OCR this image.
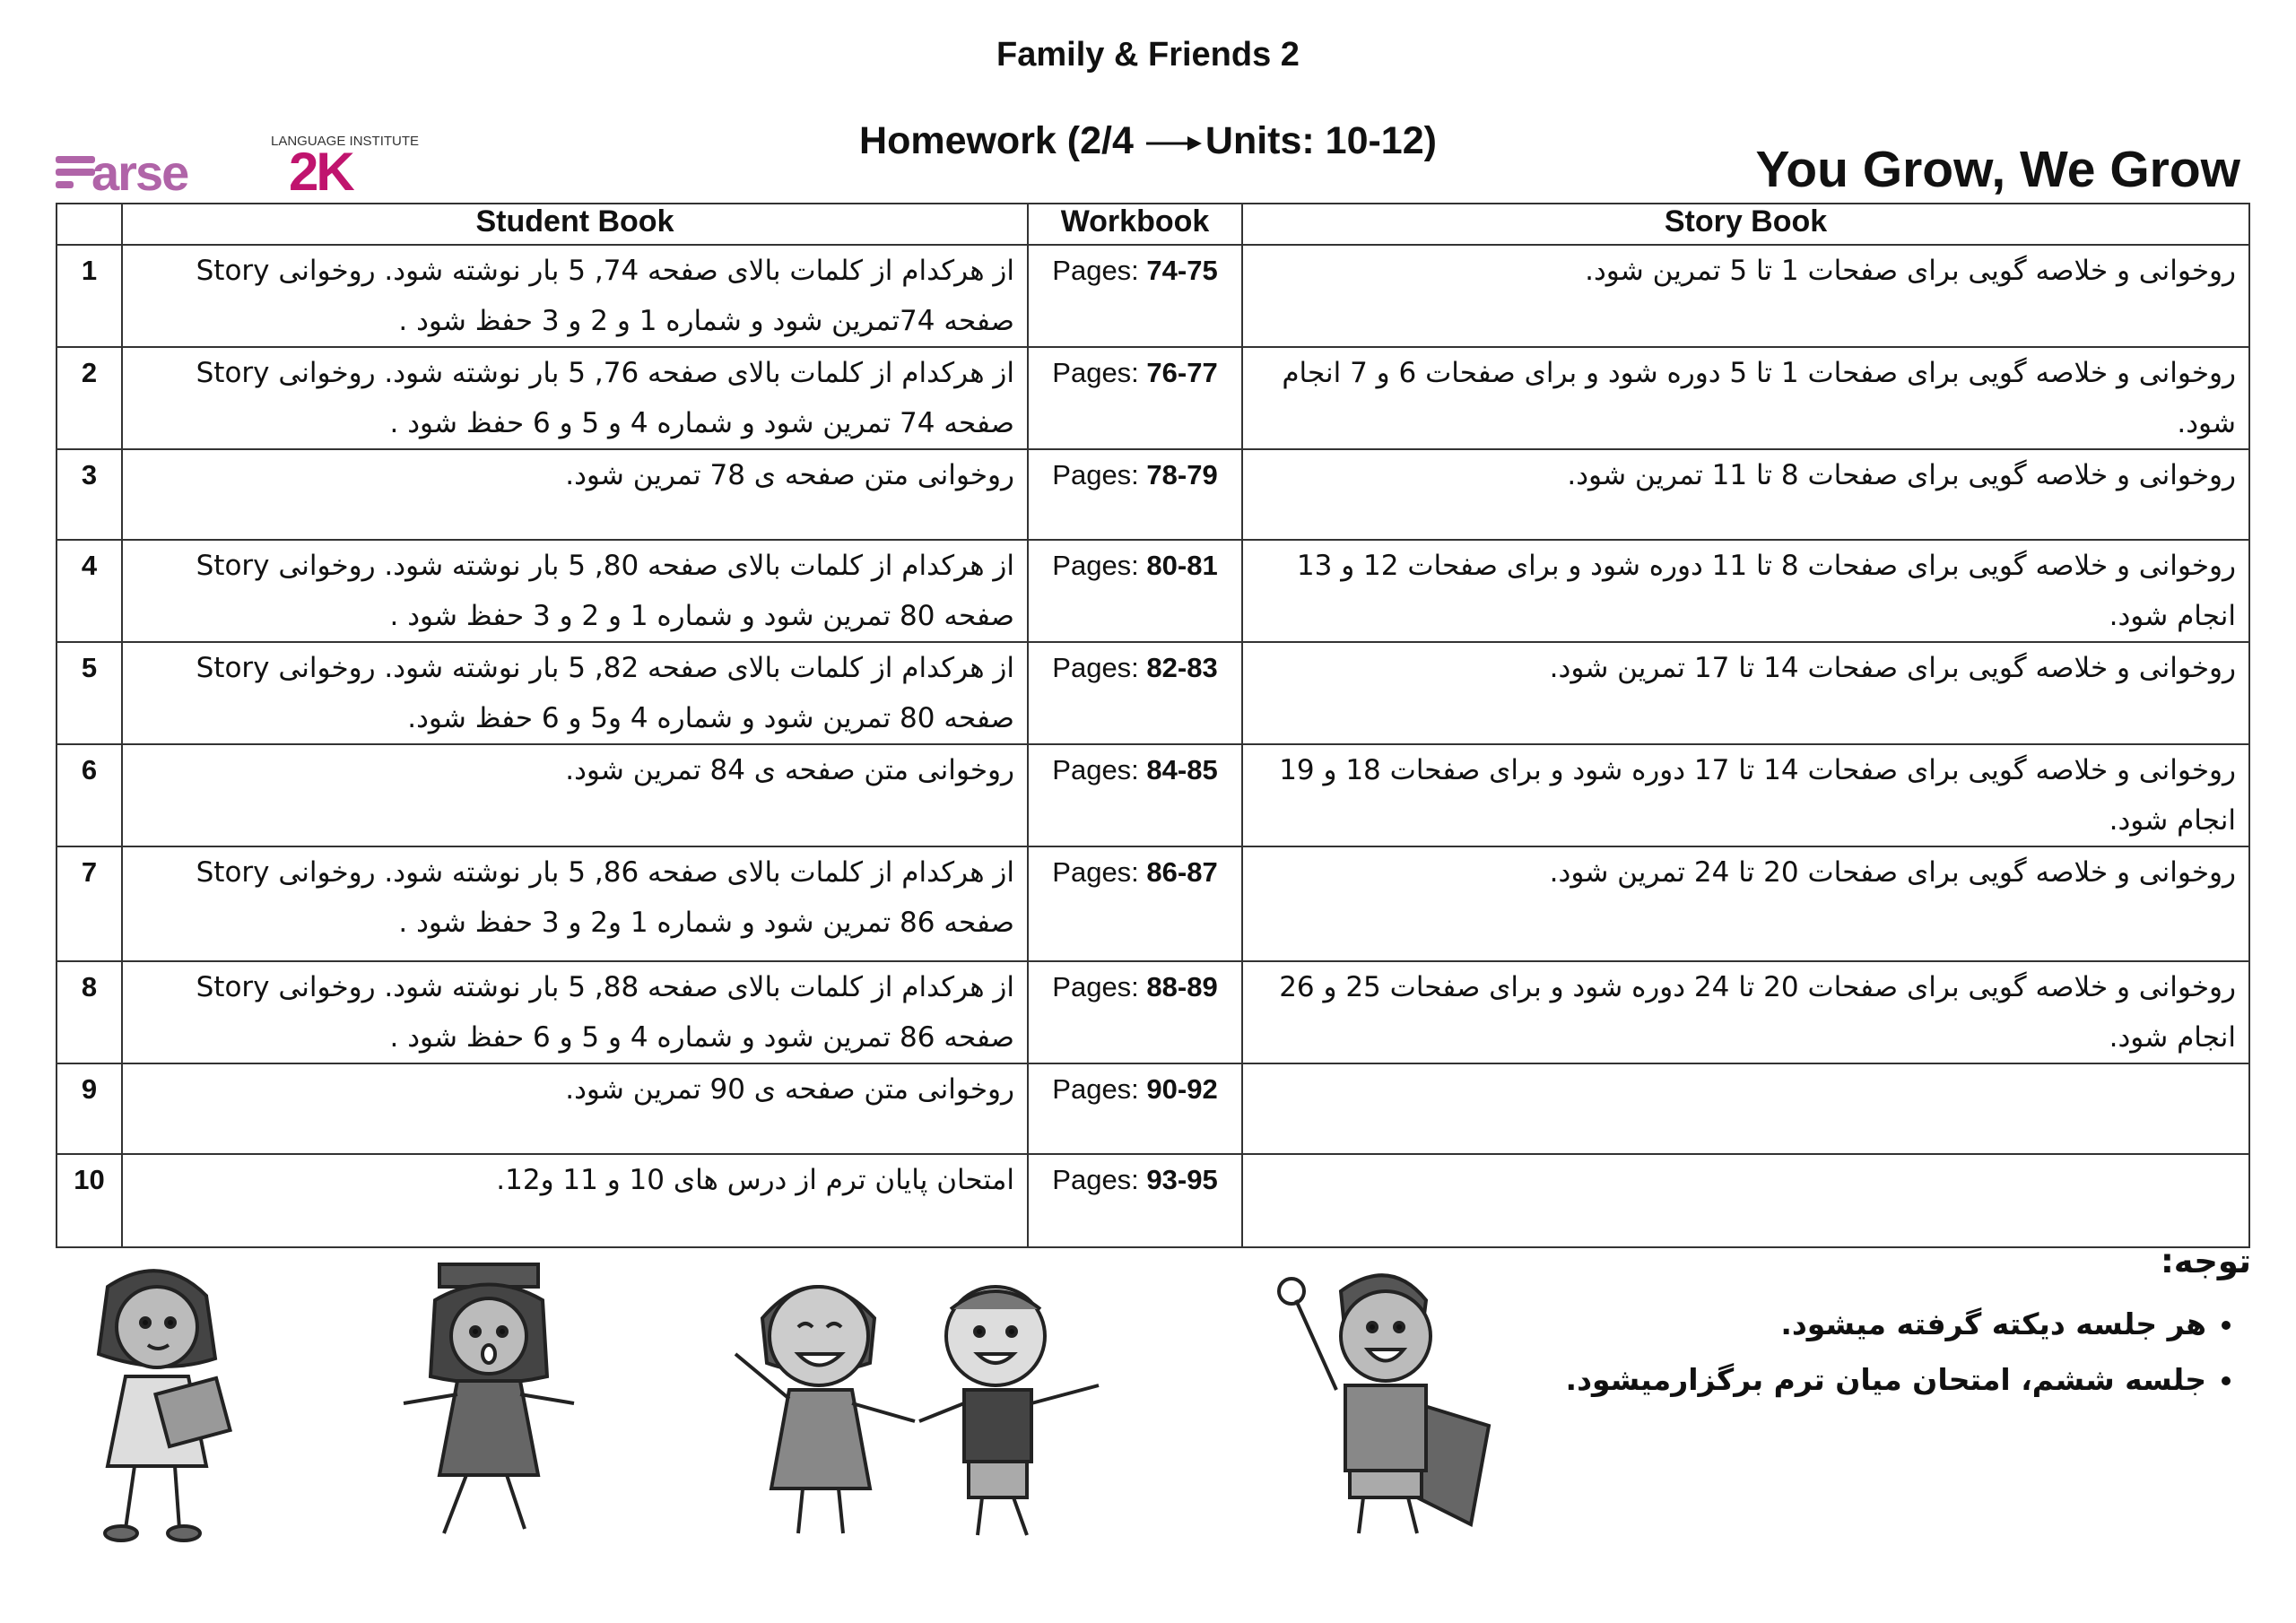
Family & Friends 2
Homework (2/4 Units: 10-12)	You Grow, We Grow
LANGUAGE INSTITUTE
arse 2K
	Student Book	Workbook	Story Book
1	از هرکدام از کلمات بالای صفحه 74, 5 بار نوشته شود. روخوانی Story صفحه 74تمرین شود و شماره 1 و 2 و 3 حفظ شود .	Pages: 74-75	روخوانی و خلاصه گویی برای صفحات 1 تا 5 تمرین شود.
2	از هرکدام از کلمات بالای صفحه 76, 5 بار نوشته شود. روخوانی Story صفحه 74 تمرین شود و شماره 4 و 5 و 6 حفظ شود .	Pages: 76-77	روخوانی و خلاصه گویی برای صفحات 1 تا 5 دوره شود و برای صفحات 6 و 7 انجام شود.
3	روخوانی متن صفحه ی 78 تمرین شود.	Pages: 78-79	روخوانی و خلاصه گویی برای صفحات 8 تا 11 تمرین شود.
4	از هرکدام از کلمات بالای صفحه 80, 5 بار نوشته شود. روخوانی Story صفحه 80 تمرین شود و شماره 1 و 2 و 3 حفظ شود .	Pages: 80-81	روخوانی و خلاصه گویی برای صفحات 8 تا 11 دوره شود و برای صفحات 12 و 13 انجام شود.
5	از هرکدام از کلمات بالای صفحه 82, 5 بار نوشته شود. روخوانی Story صفحه 80 تمرین شود و شماره 4 و5 و 6 حفظ شود.	Pages: 82-83	روخوانی و خلاصه گویی برای صفحات 14 تا 17 تمرین شود.
6	روخوانی متن صفحه ی 84 تمرین شود.	Pages: 84-85	روخوانی و خلاصه گویی برای صفحات 14 تا 17 دوره شود و برای صفحات 18 و 19 انجام شود.
7	از هرکدام از کلمات بالای صفحه 86, 5 بار نوشته شود. روخوانی Story صفحه 86 تمرین شود و شماره 1 و2 و 3 حفظ شود .	Pages: 86-87	روخوانی و خلاصه گویی برای صفحات 20 تا 24 تمرین شود.
8	از هرکدام از کلمات بالای صفحه 88, 5 بار نوشته شود. روخوانی Story صفحه 86 تمرین شود و شماره 4 و 5 و 6 حفظ شود .	Pages: 88-89	روخوانی و خلاصه گویی برای صفحات 20 تا 24 دوره شود و برای صفحات 25 و 26 انجام شود.
9	روخوانی متن صفحه ی 90 تمرین شود.	Pages: 90-92	
10	امتحان پایان ترم از درس های 10 و 11 و12.	Pages: 93-95	
توجه:
• هر جلسه دیکته گرفته میشود.
• جلسه ششم، امتحان میان ترم برگزارمیشود.
